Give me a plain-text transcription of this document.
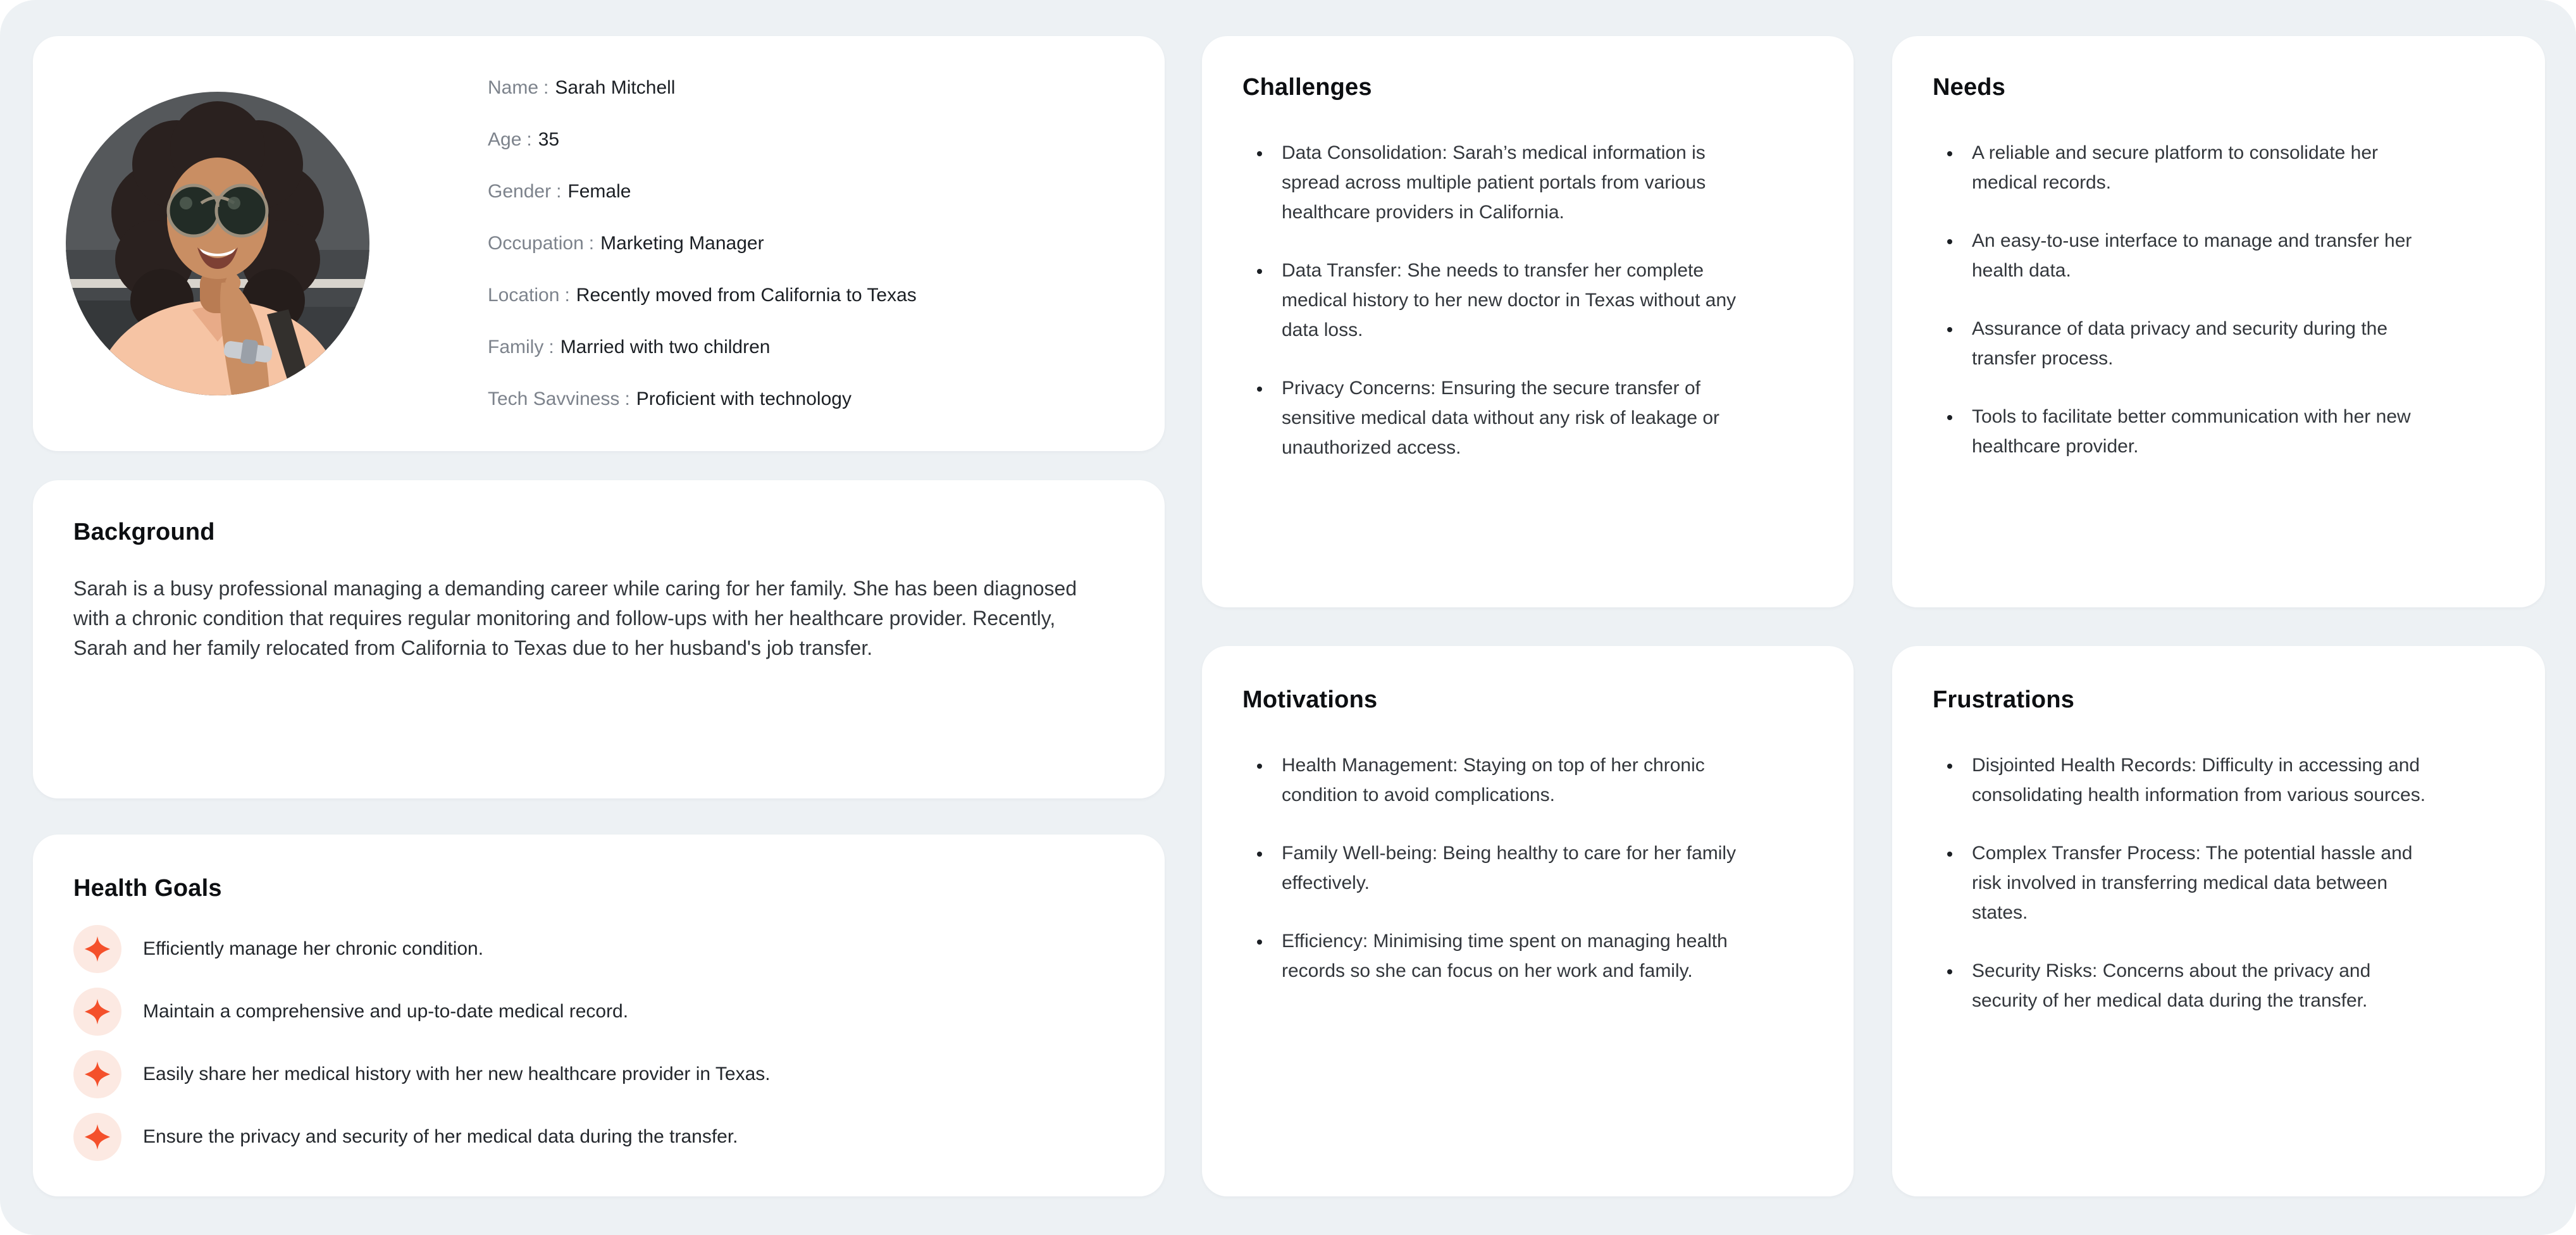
Name : Sarah Mitchell
Age : 35
Gender : Female
Occupation : Marketing Manager
Location : Recently moved from California to Texas
Family : Married with two children
Tech Savviness : Proficient with technology
Background

Sarah is a busy professional managing a demanding career while caring for her family. She has been diagnosed with a chronic condition that requires regular monitoring and follow-ups with her healthcare provider. Recently, Sarah and her family relocated from California to Texas due to her husband's job transfer.

Health Goals
Efficiently manage her chronic condition.
Maintain a comprehensive and up-to-date medical record.
Easily share her medical history with her new healthcare provider in Texas.
Ensure the privacy and security of her medical data during the transfer.
Challenges
• Data Consolidation: Sarah’s medical information is spread across multiple patient portals from various healthcare providers in California.
• Data Transfer: She needs to transfer her complete medical history to her new doctor in Texas without any data loss.
• Privacy Concerns: Ensuring the secure transfer of sensitive medical data without any risk of leakage or unauthorized access.
Motivations
• Health Management: Staying on top of her chronic condition to avoid complications.
• Family Well-being: Being healthy to care for her family effectively.
• Efficiency: Minimising time spent on managing health records so she can focus on her work and family.
Needs
• A reliable and secure platform to consolidate her medical records.
• An easy-to-use interface to manage and transfer her health data.
• Assurance of data privacy and security during the transfer process.
• Tools to facilitate better communication with her new healthcare provider.
Frustrations
• Disjointed Health Records: Difficulty in accessing and consolidating health information from various sources.
• Complex Transfer Process: The potential hassle and risk involved in transferring medical data between states.
• Security Risks: Concerns about the privacy and security of her medical data during the transfer.
